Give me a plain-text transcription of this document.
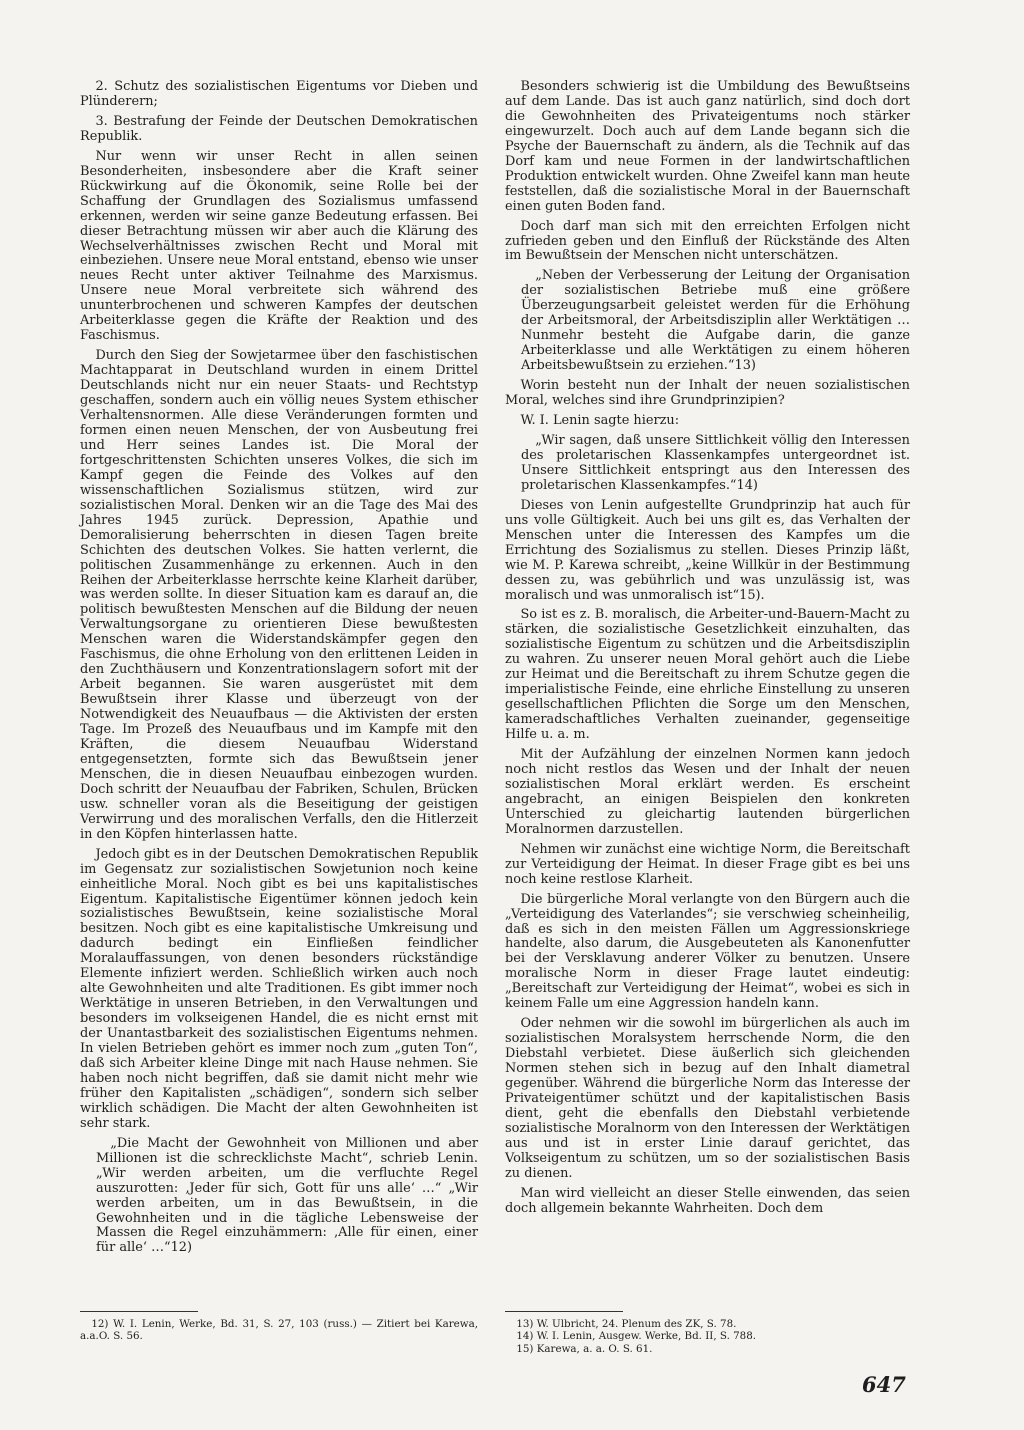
2. Schutz des sozialistischen Eigentums vor Dieben und Plünderern;

3. Bestrafung der Feinde der Deutschen Demokratischen Republik.

Nur wenn wir unser Recht in allen seinen Besonderheiten, insbesondere aber die Kraft seiner Rückwirkung auf die Ökonomik, seine Rolle bei der Schaffung der Grundlagen des Sozialismus umfassend erkennen, werden wir seine ganze Bedeutung erfassen. Bei dieser Betrachtung müssen wir aber auch die Klärung des Wechselverhältnisses zwischen Recht und Moral mit einbeziehen. Unsere neue Moral entstand, ebenso wie unser neues Recht unter aktiver Teilnahme des Marxismus. Unsere neue Moral verbreitete sich während des ununterbrochenen und schweren Kampfes der deutschen Arbeiterklasse gegen die Kräfte der Reaktion und des Faschismus.

Durch den Sieg der Sowjetarmee über den faschistischen Machtapparat in Deutschland wurden in einem Drittel Deutschlands nicht nur ein neuer Staats- und Rechtstyp geschaffen, sondern auch ein völlig neues System ethischer Verhaltensnormen. Alle diese Veränderungen formten und formen einen neuen Menschen, der von Ausbeutung frei und Herr seines Landes ist. Die Moral der fortgeschrittensten Schichten unseres Volkes, die sich im Kampf gegen die Feinde des Volkes auf den wissenschaftlichen Sozialismus stützen, wird zur sozialistischen Moral. Denken wir an die Tage des Mai des Jahres 1945 zurück. Depression, Apathie und Demoralisierung beherrschten in diesen Tagen breite Schichten des deutschen Volkes. Sie hatten verlernt, die politischen Zusammenhänge zu erkennen. Auch in den Reihen der Arbeiterklasse herrschte keine Klarheit darüber, was werden sollte. In dieser Situation kam es darauf an, die politisch bewußtesten Menschen auf die Bildung der neuen Verwaltungsorgane zu orientieren Diese bewußtesten Menschen waren die Widerstandskämpfer gegen den Faschismus, die ohne Erholung von den erlittenen Leiden in den Zuchthäusern und Konzentrationslagern sofort mit der Arbeit begannen. Sie waren ausgerüstet mit dem Bewußtsein ihrer Klasse und überzeugt von der Notwendigkeit des Neuaufbaus — die Aktivisten der ersten Tage. Im Prozeß des Neuaufbaus und im Kampfe mit den Kräften, die diesem Neuaufbau Widerstand entgegensetzten, formte sich das Bewußtsein jener Menschen, die in diesen Neuaufbau einbezogen wurden. Doch schritt der Neuaufbau der Fabriken, Schulen, Brücken usw. schneller voran als die Beseitigung der geistigen Verwirrung und des moralischen Verfalls, den die Hitlerzeit in den Köpfen hinterlassen hatte.

Jedoch gibt es in der Deutschen Demokratischen Republik im Gegensatz zur sozialistischen Sowjetunion noch keine einheitliche Moral. Noch gibt es bei uns kapitalistisches Eigentum. Kapitalistische Eigentümer können jedoch kein sozialistisches Bewußtsein, keine sozialistische Moral besitzen. Noch gibt es eine kapitalistische Umkreisung und dadurch bedingt ein Einfließen feindlicher Moralauffassungen, von denen besonders rückständige Elemente infiziert werden. Schließlich wirken auch noch alte Gewohnheiten und alte Traditionen. Es gibt immer noch Werktätige in unseren Betrieben, in den Verwaltungen und besonders im volkseigenen Handel, die es nicht ernst mit der Unantastbarkeit des sozialistischen Eigentums nehmen. In vielen Betrieben gehört es immer noch zum „guten Ton“, daß sich Arbeiter kleine Dinge mit nach Hause nehmen. Sie haben noch nicht begriffen, daß sie damit nicht mehr wie früher den Kapitalisten „schädigen“, sondern sich selber wirklich schädigen. Die Macht der alten Gewohnheiten ist sehr stark.

„Die Macht der Gewohnheit von Millionen und aber Millionen ist die schrecklichste Macht“, schrieb Lenin. „Wir werden arbeiten, um die verfluchte Regel auszurotten: ‚Jeder für sich, Gott für uns alle‘ …“ „Wir werden arbeiten, um in das Bewußtsein, in die Gewohnheiten und in die tägliche Lebensweise der Massen die Regel einzuhämmern: ‚Alle für einen, einer für alle‘ …“12)

Besonders schwierig ist die Umbildung des Bewußtseins auf dem Lande. Das ist auch ganz natürlich, sind doch dort die Gewohnheiten des Privateigentums noch stärker eingewurzelt. Doch auch auf dem Lande begann sich die Psyche der Bauernschaft zu ändern, als die Technik auf das Dorf kam und neue Formen in der landwirtschaftlichen Produktion entwickelt wurden. Ohne Zweifel kann man heute feststellen, daß die sozialistische Moral in der Bauernschaft einen guten Boden fand.

Doch darf man sich mit den erreichten Erfolgen nicht zufrieden geben und den Einfluß der Rückstände des Alten im Bewußtsein der Menschen nicht unterschätzen.

„Neben der Verbesserung der Leitung der Organisation der sozialistischen Betriebe muß eine größere Überzeugungsarbeit geleistet werden für die Erhöhung der Arbeitsmoral, der Arbeitsdisziplin aller Werktätigen … Nunmehr besteht die Aufgabe darin, die ganze Arbeiterklasse und alle Werktätigen zu einem höheren Arbeitsbewußtsein zu erziehen.“13)

Worin besteht nun der Inhalt der neuen sozialistischen Moral, welches sind ihre Grundprinzipien?

W. I. Lenin sagte hierzu:

„Wir sagen, daß unsere Sittlichkeit völlig den Interessen des proletarischen Klassenkampfes untergeordnet ist. Unsere Sittlichkeit entspringt aus den Interessen des proletarischen Klassenkampfes.“14)

Dieses von Lenin aufgestellte Grundprinzip hat auch für uns volle Gültigkeit. Auch bei uns gilt es, das Verhalten der Menschen unter die Interessen des Kampfes um die Errichtung des Sozialismus zu stellen. Dieses Prinzip läßt, wie M. P. Karewa schreibt, „keine Willkür in der Bestimmung dessen zu, was gebührlich und was unzulässig ist, was moralisch und was unmoralisch ist“15).

So ist es z. B. moralisch, die Arbeiter-und-Bauern-Macht zu stärken, die sozialistische Gesetzlichkeit einzuhalten, das sozialistische Eigentum zu schützen und die Arbeitsdisziplin zu wahren. Zu unserer neuen Moral gehört auch die Liebe zur Heimat und die Bereitschaft zu ihrem Schutze gegen die imperialistische Feinde, eine ehrliche Einstellung zu unseren gesellschaftlichen Pflichten die Sorge um den Menschen, kameradschaftliches Verhalten zueinander, gegenseitige Hilfe u. a. m.

Mit der Aufzählung der einzelnen Normen kann jedoch noch nicht restlos das Wesen und der Inhalt der neuen sozialistischen Moral erklärt werden. Es erscheint angebracht, an einigen Beispielen den konkreten Unterschied zu gleichartig lautenden bürgerlichen Moralnormen darzustellen.

Nehmen wir zunächst eine wichtige Norm, die Bereitschaft zur Verteidigung der Heimat. In dieser Frage gibt es bei uns noch keine restlose Klarheit.

Die bürgerliche Moral verlangte von den Bürgern auch die „Verteidigung des Vaterlandes“; sie verschwieg scheinheilig, daß es sich in den meisten Fällen um Aggressionskriege handelte, also darum, die Ausgebeuteten als Kanonenfutter bei der Versklavung anderer Völker zu benutzen. Unsere moralische Norm in dieser Frage lautet eindeutig: „Bereitschaft zur Verteidigung der Heimat“, wobei es sich in keinem Falle um eine Aggression handeln kann.

Oder nehmen wir die sowohl im bürgerlichen als auch im sozialistischen Moralsystem herrschende Norm, die den Diebstahl verbietet. Diese äußerlich sich gleichenden Normen stehen sich in bezug auf den Inhalt diametral gegenüber. Während die bürgerliche Norm das Interesse der Privateigentümer schützt und der kapitalistischen Basis dient, geht die ebenfalls den Diebstahl verbietende sozialistische Moralnorm von den Interessen der Werktätigen aus und ist in erster Linie darauf gerichtet, das Volkseigentum zu schützen, um so der sozialistischen Basis zu dienen.

Man wird vielleicht an dieser Stelle einwenden, das seien doch allgemein bekannte Wahrheiten. Doch dem

12) W. I. Lenin, Werke, Bd. 31, S. 27, 103 (russ.) — Zitiert bei Karewa, a.a.O. S. 56.

13) W. Ulbricht, 24. Plenum des ZK, S. 78.

14) W. I. Lenin, Ausgew. Werke, Bd. II, S. 788.

15) Karewa, a. a. O. S. 61.

647
